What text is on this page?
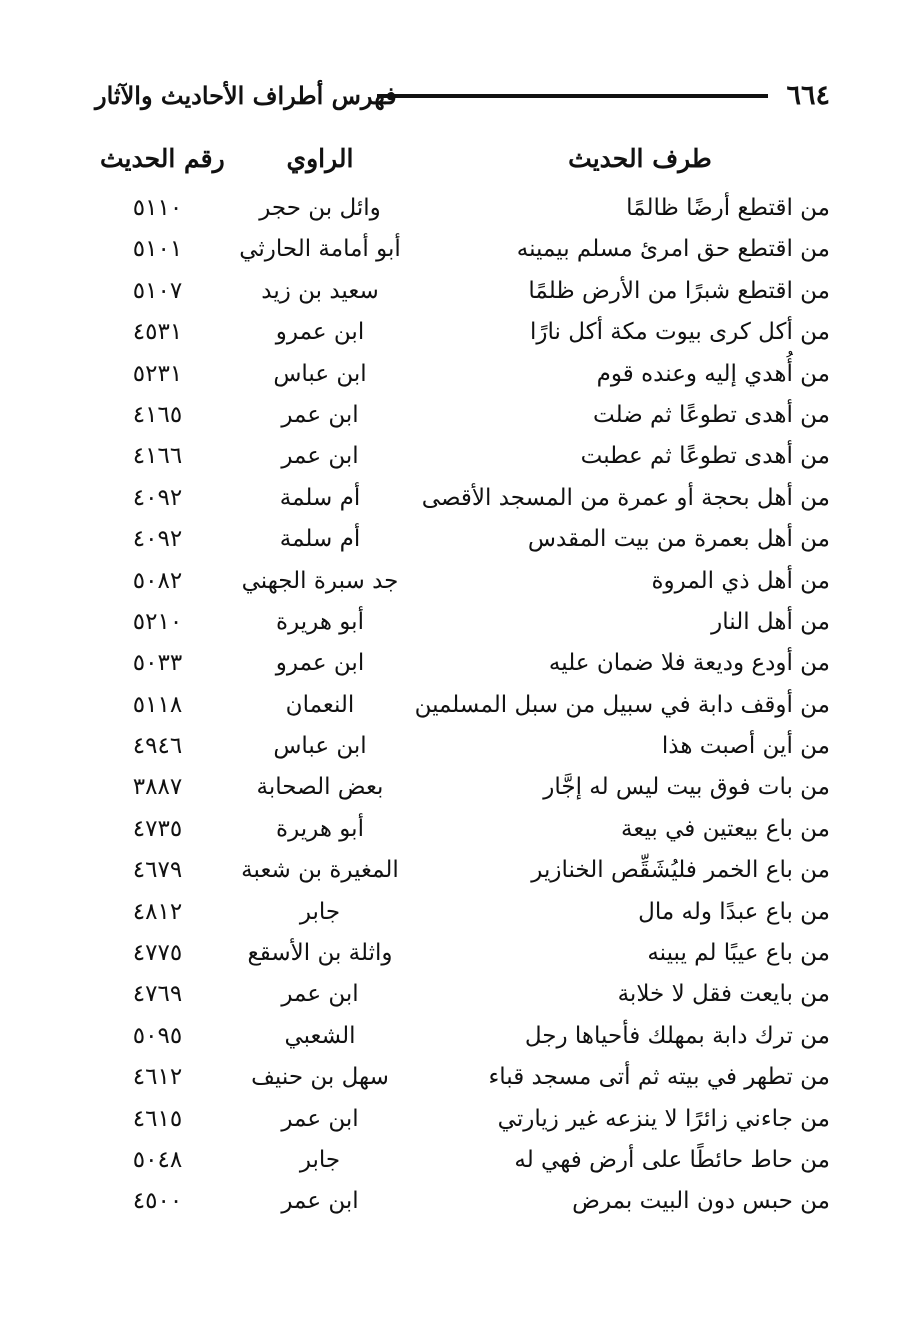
٦٦٤
فهرس أطراف الأحاديث والآثار
طرف الحديث
الراوي
رقم الحديث
من اقتطع أرضًا ظالمًا
وائل بن حجر
٥١١٠
من اقتطع حق امرئ مسلم بيمينه
أبو أمامة الحارثي
٥١٠١
من اقتطع شبرًا من الأرض ظلمًا
سعيد بن زيد
٥١٠٧
من أكل كرى بيوت مكة أكل نارًا
ابن عمرو
٤٥٣١
من أُهدي إليه وعنده قوم
ابن عباس
٥٢٣١
من أهدى تطوعًا ثم ضلت
ابن عمر
٤١٦٥
من أهدى تطوعًا ثم عطبت
ابن عمر
٤١٦٦
من أهل بحجة أو عمرة من المسجد الأقصى
أم سلمة
٤٠٩٢
من أهل بعمرة من بيت المقدس
أم سلمة
٤٠٩٢
من أهل ذي المروة
جد سبرة الجهني
٥٠٨٢
من أهل النار
أبو هريرة
٥٢١٠
من أودع وديعة فلا ضمان عليه
ابن عمرو
٥٠٣٣
من أوقف دابة في سبيل من سبل المسلمين
النعمان
٥١١٨
من أين أصبت هذا
ابن عباس
٤٩٤٦
من بات فوق بيت ليس له إجَّار
بعض الصحابة
٣٨٨٧
من باع بيعتين في بيعة
أبو هريرة
٤٧٣٥
من باع الخمر فليُشَقِّص الخنازير
المغيرة بن شعبة
٤٦٧٩
من باع عبدًا وله مال
جابر
٤٨١٢
من باع عيبًا لم يبينه
واثلة بن الأسقع
٤٧٧٥
من بايعت فقل لا خلابة
ابن عمر
٤٧٦٩
من ترك دابة بمهلك فأحياها رجل
الشعبي
٥٠٩٥
من تطهر في بيته ثم أتى مسجد قباء
سهل بن حنيف
٤٦١٢
من جاءني زائرًا لا ينزعه غير زيارتي
ابن عمر
٤٦١٥
من حاط حائطًا على أرض فهي له
جابر
٥٠٤٨
من حبس دون البيت بمرض
ابن عمر
٤٥٠٠
